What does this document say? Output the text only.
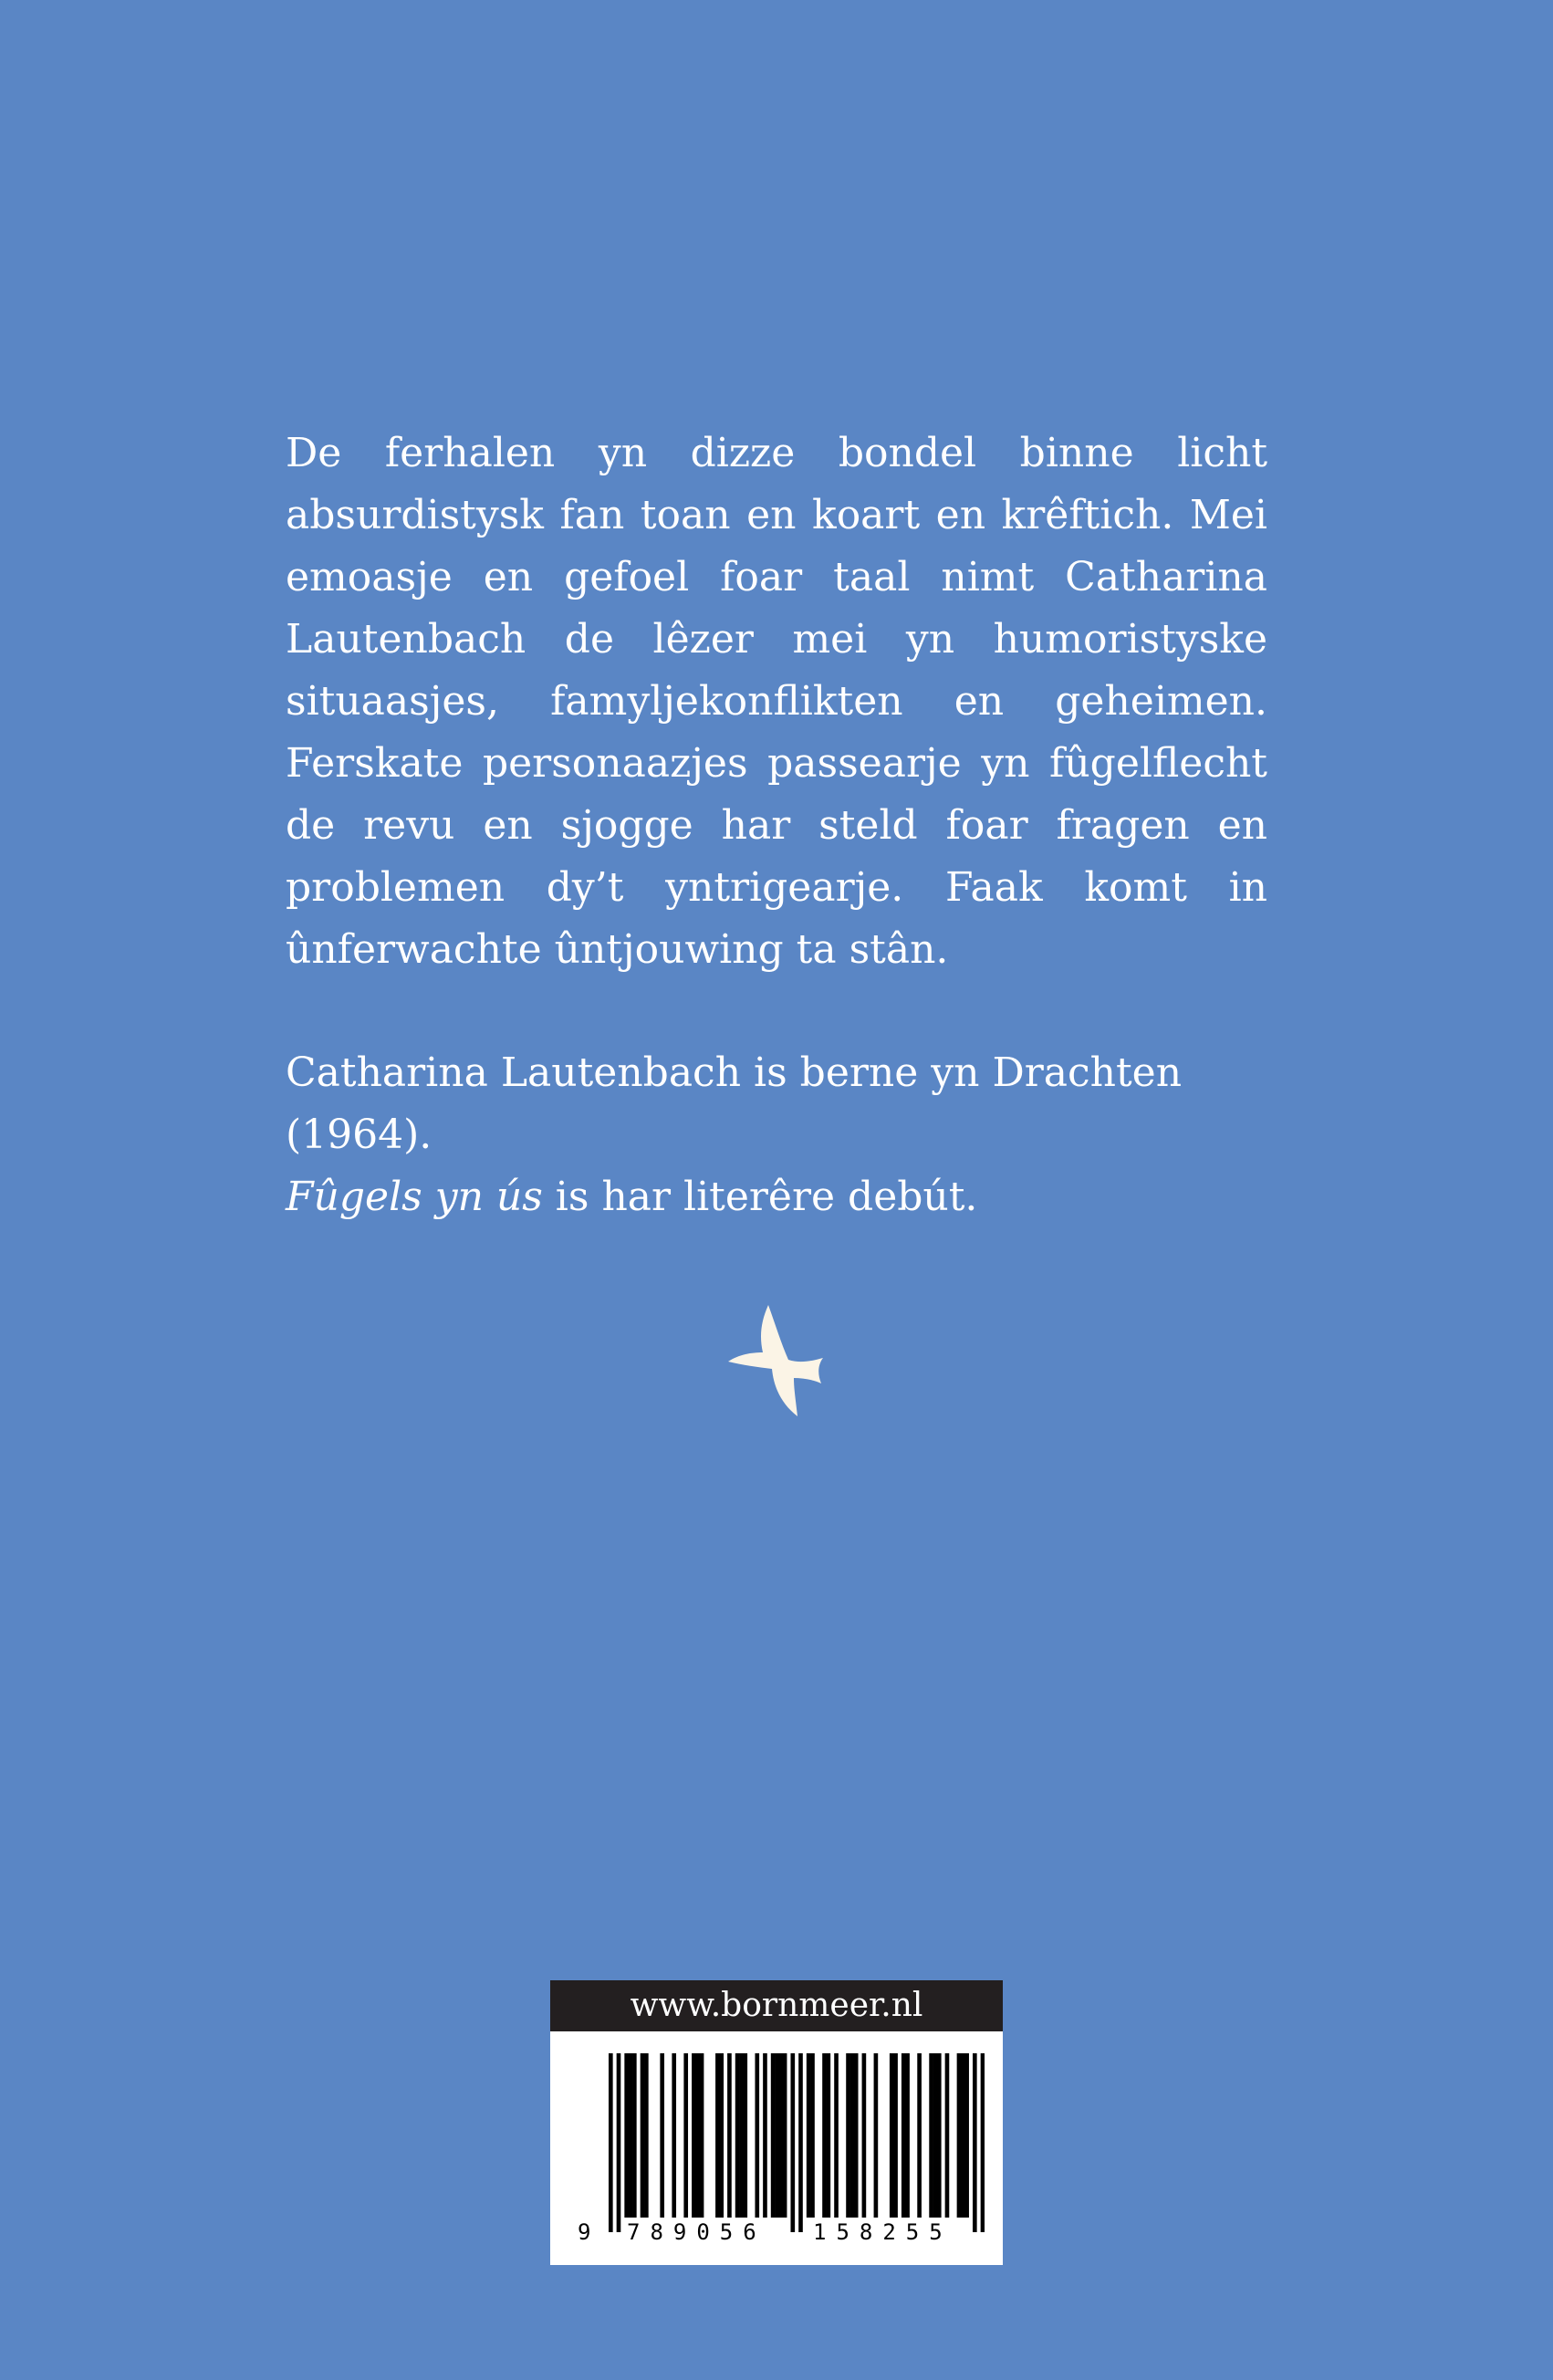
De ferhalen yn dizze bondel binne licht absurdistysk fan toan en koart en krêftich. Mei emoasje en gefoel foar taal nimt Catharina Lautenbach de lêzer mei yn humoristyske situaasjes, famyljekonflikten en geheimen. Ferskate personaazjes passearje yn fûgelflecht de revu en sjogge har steld foar fragen en problemen dy’t yntrigearje. Faak komt in ûnferwachte ûntjouwing ta stân.

Catharina Lautenbach is berne yn Drachten (1964).
Fûgels yn ús is har literêre debút.

www.bornmeer.nl
9 789056 158255
